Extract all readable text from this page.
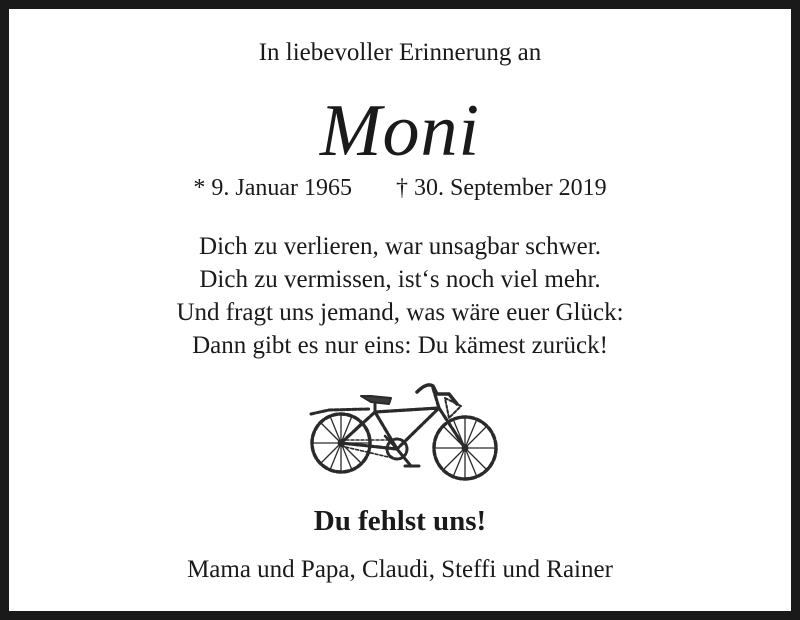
In liebevoller Erinnerung an
Moni
* 9. Januar 1965 † 30. September 2019
Dich zu verlieren, war unsagbar schwer.
Dich zu vermissen, ist‘s noch viel mehr.
Und fragt uns jemand, was wäre euer Glück:
Dann gibt es nur eins: Du kämest zurück!
Du fehlst uns!
Mama und Papa, Claudi, Steffi und Rainer
